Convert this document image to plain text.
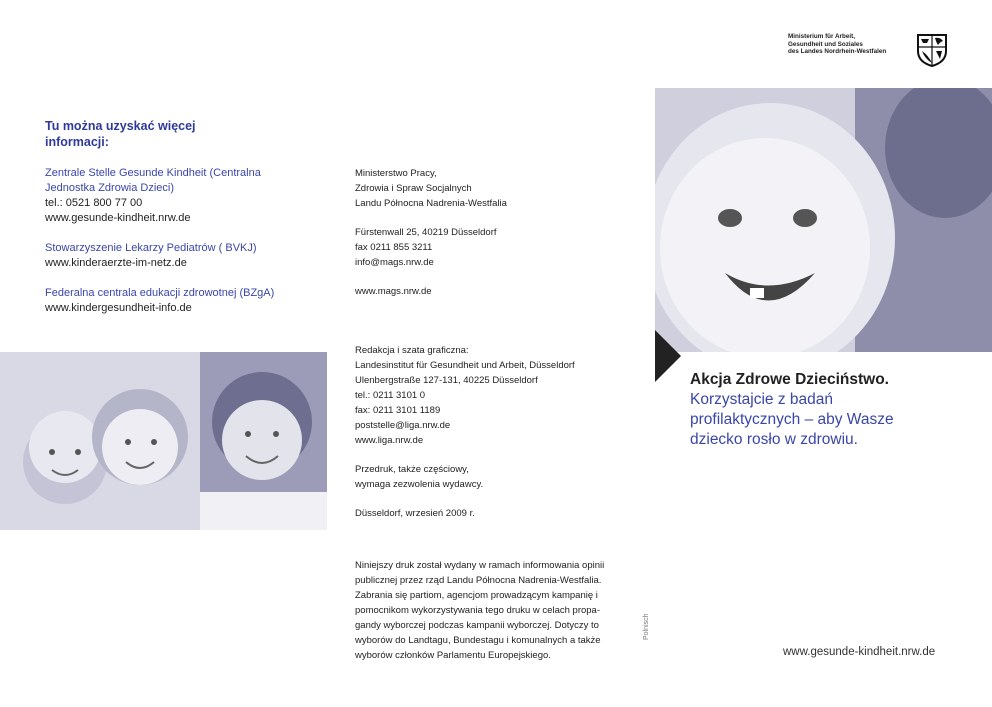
Tu można uzyskać więcej
informacji:
Zentrale Stelle Gesunde Kindheit (Centralna
Jednostka Zdrowia Dzieci)
tel.: 0521 800 77 00
www.gesunde-kindheit.nrw.de
Stowarzyszenie Lekarzy Pediatrów ( BVKJ)
www.kinderaerzte-im-netz.de
Federalna centrala edukacji zdrowotnej (BZgA)
www.kindergesundheit-info.de
Ministerstwo Pracy,
Zdrowia i Spraw Socjalnych
Landu Północna Nadrenia-Westfalia
Fürstenwall 25, 40219 Düsseldorf
fax 0211 855 3211
info@mags.nrw.de
www.mags.nrw.de
Redakcja i szata graficzna:
Landesinstitut für Gesundheit und Arbeit, Düsseldorf
Ulenbergstraße 127-131, 40225 Düsseldorf
tel.: 0211 3101 0
fax: 0211 3101 1189
poststelle@liga.nrw.de
www.liga.nrw.de
Przedruk, także częściowy,
wymaga zezwolenia wydawcy.
Düsseldorf, wrzesień 2009 r.
Niniejszy druk został wydany w ramach informowania opinii
publicznej przez rząd Landu Północna Nadrenia-Westfalia.
Zabrania się partiom, agencjom prowadzącym kampanię i
pomocnikom wykorzystywania tego druku w celach propa-
gandy wyborczej podczas kampanii wyborczej. Dotyczy to
wyborów do Landtagu, Bundestagu i komunalnych a także
wyborów członków Parlamentu Europejskiego.
Polnisch
Ministerium für Arbeit,
Gesundheit und Soziales
des Landes Nordrhein-Westfalen
Akcja Zdrowe Dzieciństwo.
Korzystajcie z badań
profilaktycznych – aby Wasze
dziecko rosło w zdrowiu.
www.gesunde-kindheit.nrw.de
